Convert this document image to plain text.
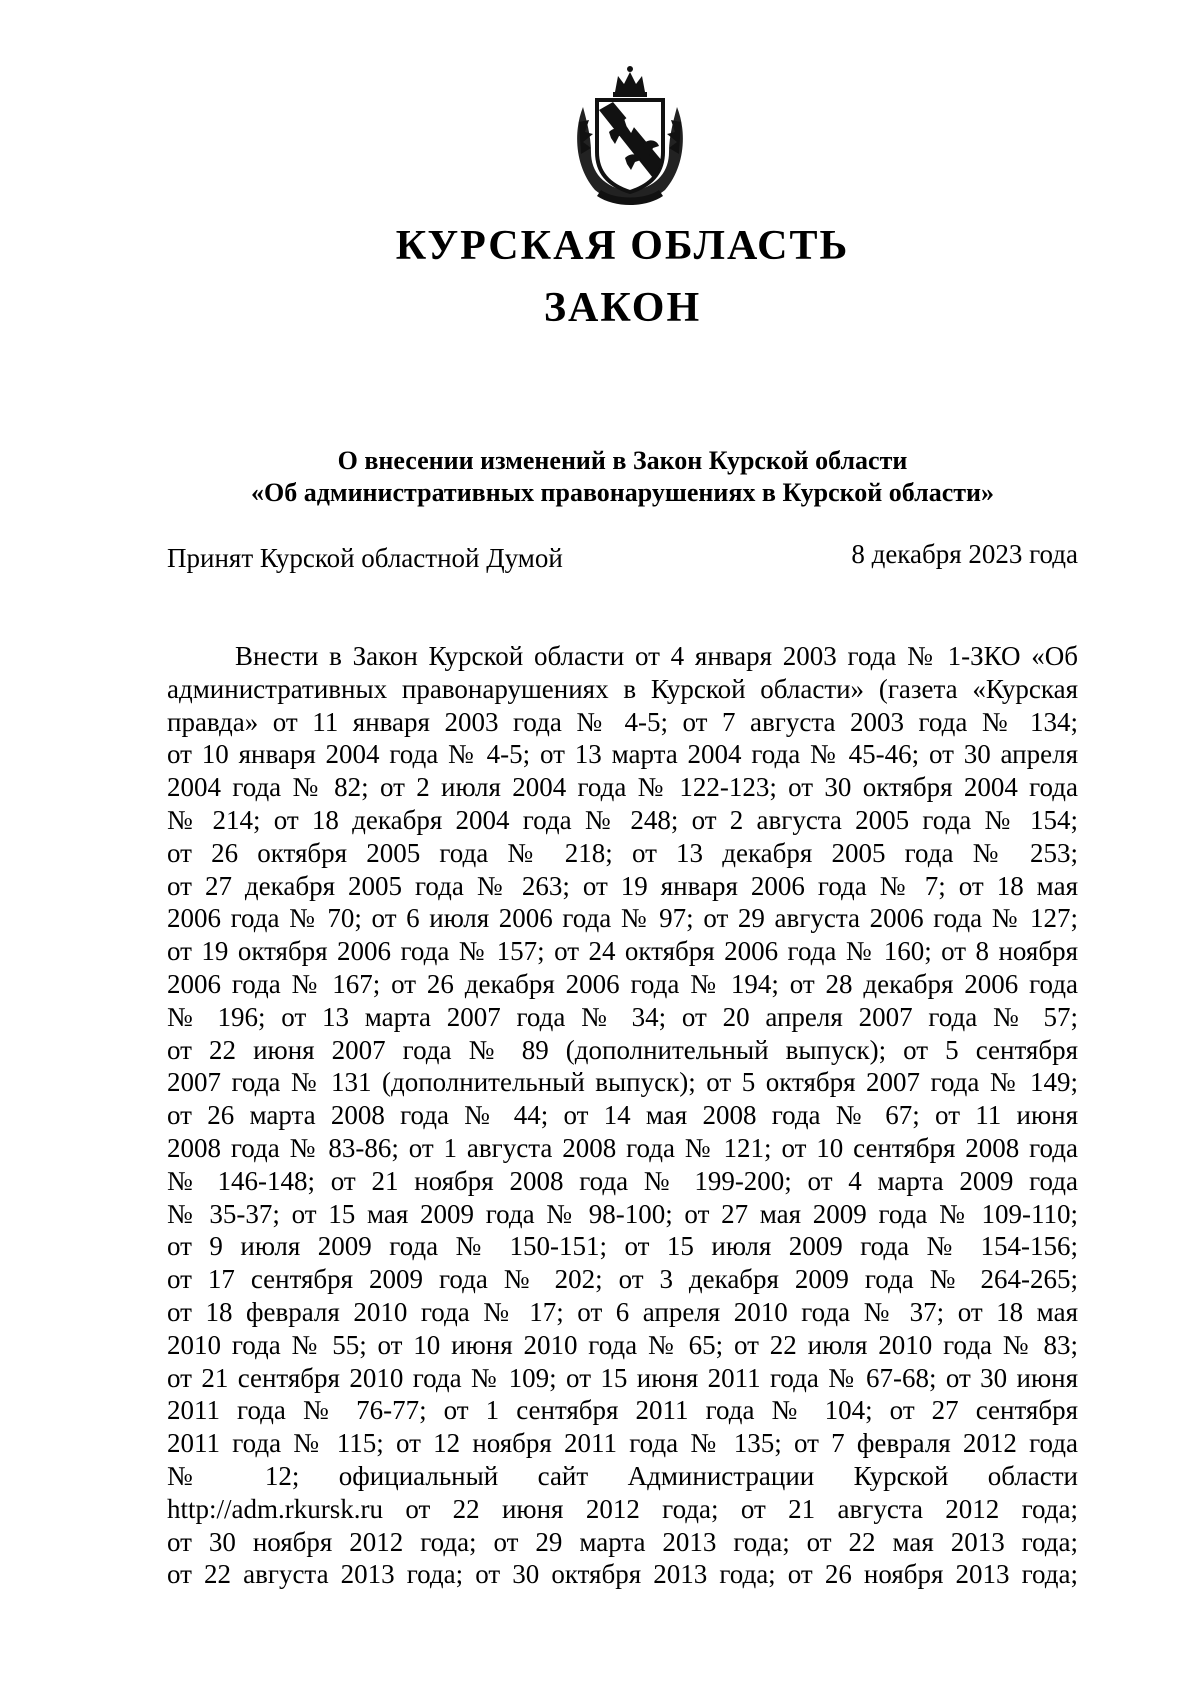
КУРСКАЯ ОБЛАСТЬ
ЗАКОН
О внесении изменений в Закон Курской области
«Об административных правонарушениях в Курской области»
Принят Курской областной Думой	8 декабря 2023 года
Внести в Закон Курской области от 4 января 2003 года № 1-ЗКО «Об
административных правонарушениях в Курской области» (газета «Курская
правда» от 11 января 2003 года № 4-5; от 7 августа 2003 года № 134;
от 10 января 2004 года № 4-5; от 13 марта 2004 года № 45-46; от 30 апреля
2004 года № 82; от 2 июля 2004 года № 122-123; от 30 октября 2004 года
№ 214; от 18 декабря 2004 года № 248; от 2 августа 2005 года № 154;
от 26 октября 2005 года № 218; от 13 декабря 2005 года № 253;
от 27 декабря 2005 года № 263; от 19 января 2006 года № 7; от 18 мая
2006 года № 70; от 6 июля 2006 года № 97; от 29 августа 2006 года № 127;
от 19 октября 2006 года № 157; от 24 октября 2006 года № 160; от 8 ноября
2006 года № 167; от 26 декабря 2006 года № 194; от 28 декабря 2006 года
№ 196; от 13 марта 2007 года № 34; от 20 апреля 2007 года № 57;
от 22 июня 2007 года № 89 (дополнительный выпуск); от 5 сентября
2007 года № 131 (дополнительный выпуск); от 5 октября 2007 года № 149;
от 26 марта 2008 года № 44; от 14 мая 2008 года № 67; от 11 июня
2008 года № 83-86; от 1 августа 2008 года № 121; от 10 сентября 2008 года
№ 146-148; от 21 ноября 2008 года № 199-200; от 4 марта 2009 года
№ 35-37; от 15 мая 2009 года № 98-100; от 27 мая 2009 года № 109-110;
от 9 июля 2009 года № 150-151; от 15 июля 2009 года № 154-156;
от 17 сентября 2009 года № 202; от 3 декабря 2009 года № 264-265;
от 18 февраля 2010 года № 17; от 6 апреля 2010 года № 37; от 18 мая
2010 года № 55; от 10 июня 2010 года № 65; от 22 июля 2010 года № 83;
от 21 сентября 2010 года № 109; от 15 июня 2011 года № 67-68; от 30 июня
2011 года № 76-77; от 1 сентября 2011 года № 104; от 27 сентября
2011 года № 115; от 12 ноября 2011 года № 135; от 7 февраля 2012 года
№ 12; официальный сайт Администрации Курской области
http://adm.rkursk.ru от 22 июня 2012 года; от 21 августа 2012 года;
от 30 ноября 2012 года; от 29 марта 2013 года; от 22 мая 2013 года;
от 22 августа 2013 года; от 30 октября 2013 года; от 26 ноября 2013 года;
